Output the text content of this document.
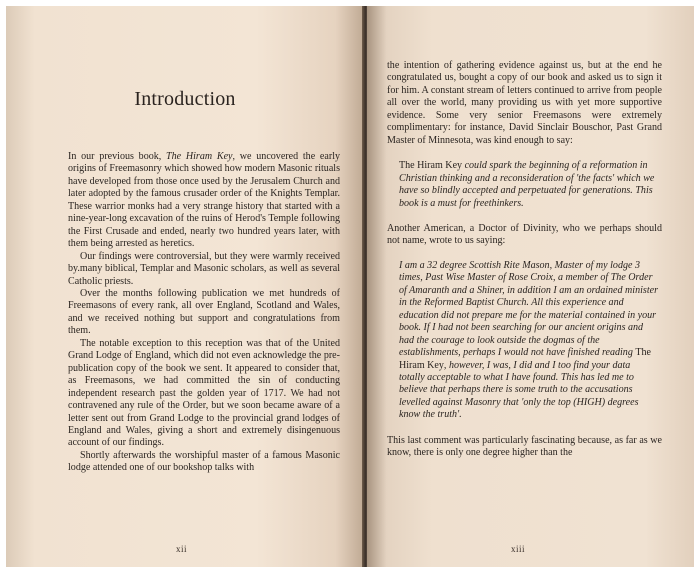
Introduction

In our previous book, The Hiram Key, we uncovered the early origins of Freemasonry which showed how modern Masonic rituals have developed from those once used by the Jerusalem Church and later adopted by the famous crusader order of the Knights Templar. These warrior monks had a very strange history that started with a nine-year-long excavation of the ruins of Herod's Temple following the First Crusade and ended, nearly two hundred years later, with them being arrested as heretics.

Our findings were controversial, but they were warmly received by.many biblical, Templar and Masonic scholars, as well as several Catholic priests.

Over the months following publication we met hundreds of Freemasons of every rank, all over England, Scotland and Wales, and we received nothing but support and congratulations from them.

The notable exception to this reception was that of the United Grand Lodge of England, which did not even acknowledge the pre-publication copy of the book we sent. It appeared to consider that, as Freemasons, we had committed the sin of conducting independent research past the golden year of 1717. We had not contravened any rule of the Order, but we soon became aware of a letter sent out from Grand Lodge to the provincial grand lodges of England and Wales, giving a short and extremely disingenuous account of our findings.

Shortly afterwards the worshipful master of a famous Masonic lodge attended one of our bookshop talks with

xii

the intention of gathering evidence against us, but at the end he congratulated us, bought a copy of our book and asked us to sign it for him. A constant stream of letters continued to arrive from people all over the world, many providing us with yet more supportive evidence. Some very senior Freemasons were extremely complimentary: for instance, David Sinclair Bouschor, Past Grand Master of Minnesota, was kind enough to say:

The Hiram Key could spark the beginning of a reformation in Christian thinking and a reconsideration of 'the facts' which we have so blindly accepted and perpetuated for generations. This book is a must for freethinkers.

Another American, a Doctor of Divinity, who we perhaps should not name, wrote to us saying:

I am a 32 degree Scottish Rite Mason, Master of my lodge 3 times, Past Wise Master of Rose Croix, a member of The Order of Amaranth and a Shiner, in addition I am an ordained minister in the Reformed Baptist Church. All this experience and education did not prepare me for the material contained in your book. If I had not been searching for our ancient origins and had the courage to look outside the dogmas of the establishments, perhaps I would not have finished reading The Hiram Key, however, I was, I did and I too find your data totally acceptable to what I have found. This has led me to believe that perhaps there is some truth to the accusations levelled against Masonry that 'only the top (HIGH) degrees know the truth'.

This last comment was particularly fascinating because, as far as we know, there is only one degree higher than the

xiii
